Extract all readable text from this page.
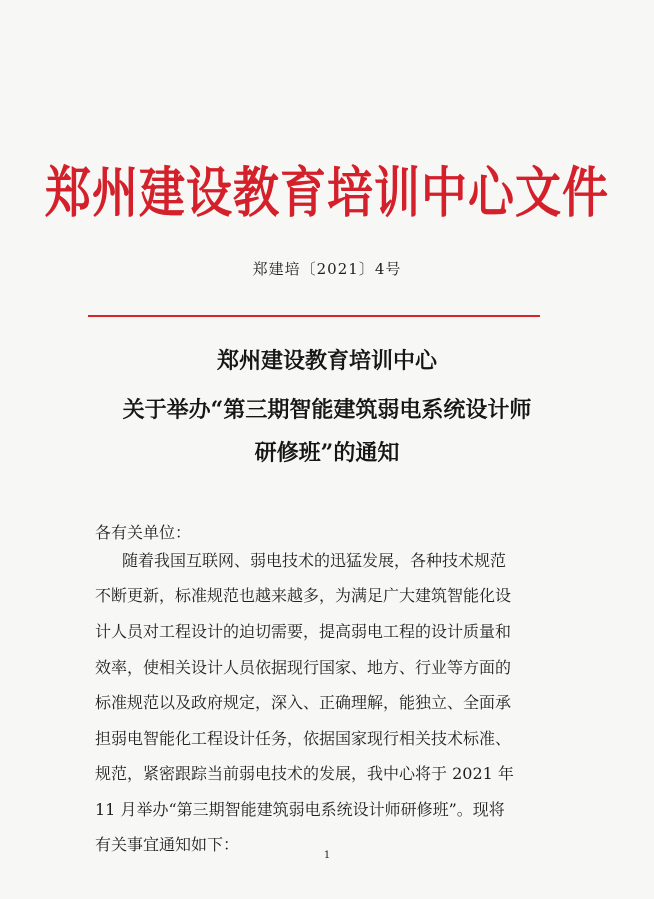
郑州建设教育培训中心文件
郑建培〔2021〕4号
郑州建设教育培训中心
关于举办“第三期智能建筑弱电系统设计师
研修班”的通知
各有关单位：
随着我国互联网、弱电技术的迅猛发展，各种技术规范
不断更新，标准规范也越来越多，为满足广大建筑智能化设
计人员对工程设计的迫切需要，提高弱电工程的设计质量和
效率，使相关设计人员依据现行国家、地方、行业等方面的
标准规范以及政府规定，深入、正确理解，能独立、全面承
担弱电智能化工程设计任务，依据国家现行相关技术标准、
规范，紧密跟踪当前弱电技术的发展，我中心将于 2021 年
11 月举办“第三期智能建筑弱电系统设计师研修班”。现将
有关事宜通知如下：
1
